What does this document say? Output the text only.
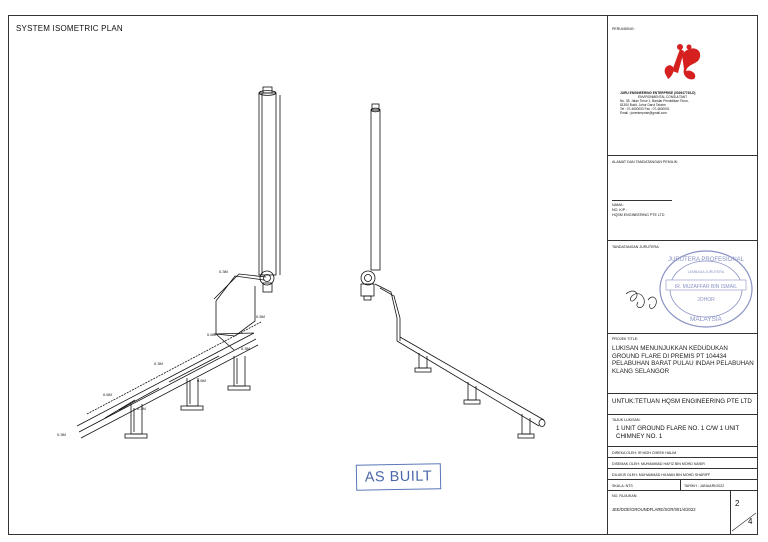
SYSTEM ISOMETRIC PLAN
0.3M
0.5M
0.6M
0.3M
0.3M
0.6M
0.6M
0.3M
0.3M
AS BUILT
PERUNDING:
JURU ENGINEERING ENTERPRISE (002947745-D)
ENVIRONMENTAL CONSULTANT
No. 35, Jalan Timur 1, Bandar Pendidikan Timur,
81300 Bukit, Johor Darul Takzim
Tel : 07-4600000 Fax : 07-4600001
Email : jueenterprise@gmail.com
ALAMAT DAN TANDATANGAN PEMILIK:
NAMA :
NO. K/P :
HQSM ENGINEERING PTE LTD
TANDATANGAN JURUTERA:
JURUTERA PROFESIONAL
LEMBAGA JURUTERA
IR. MUZAFFAR BIN ISMAIL
JOHOR
MALAYSIA
PROJEK TITLE:
LUKISAN MENUNJUKKAN KEDUDUKAN GROUND FLARE DI PREMIS PT 104434 PELABUHAN BARAT PULAU INDAH PELABUHAN KLANG SELANGOR
UNTUK:TETUAN HQSM ENGINEERING PTE LTD
TAJUK LUKISAN:
1 UNIT GROUND FLARE NO. 1 C/W 1 UNIT CHIMNEY NO. 1
DIREKA OLEH: IR MOH CHEEK HALIM
DISEMAK OLEH: MUHAMMAD HAFIZ BIN MOHD NASIR
DILUKIS OLEH: MUHAMMAD HILMAN BIN MOHD SHARIFF
SKALA: NTS	TARIKH : JANUARI/2022
NO. RUJUKAN:
JEE/DOE/GROUNDFLARE/SGR/001/4/2022
2
4
